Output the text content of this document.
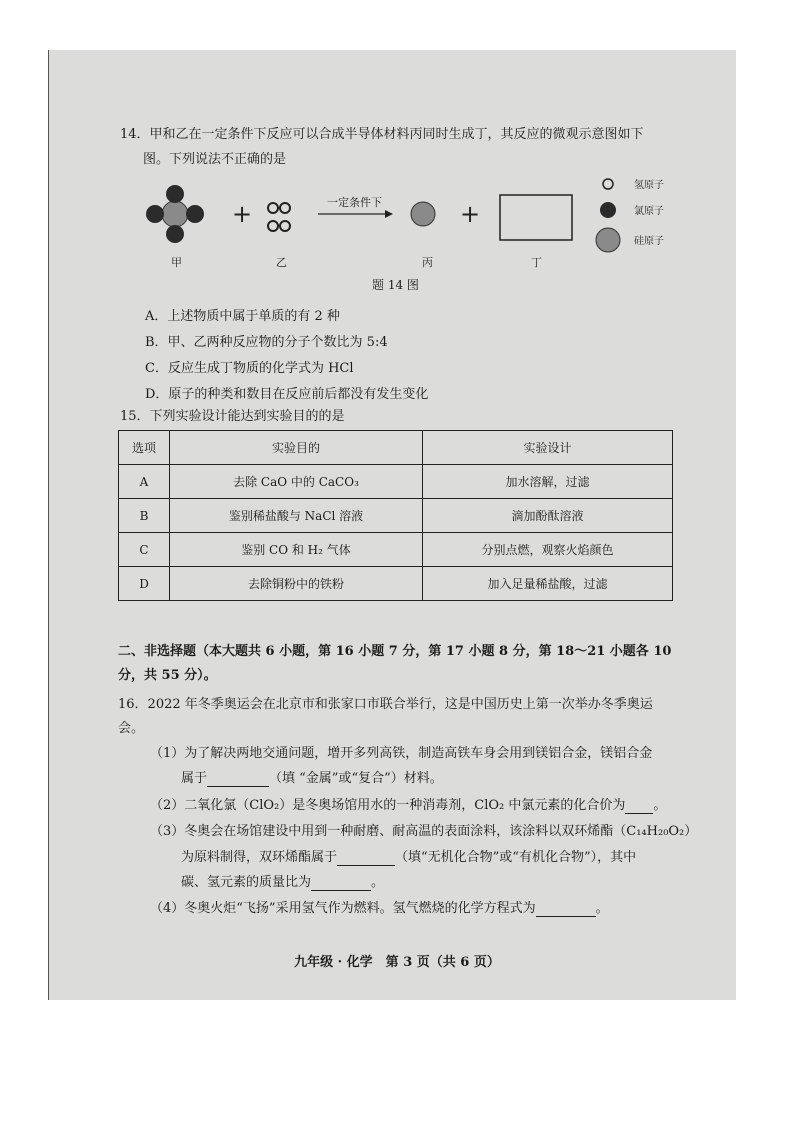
14．甲和乙在一定条件下反应可以合成半导体材料丙同时生成丁，其反应的微观示意图如下
图。下列说法不正确的是
+	一定条件下	+
氢原子
氯原子
硅原子
甲	乙	丙	丁
题 14 图
A．上述物质中属于单质的有 2 种
B．甲、乙两种反应物的分子个数比为 5:4
C．反应生成丁物质的化学式为 HCl
D．原子的种类和数目在反应前后都没有发生变化
15．下列实验设计能达到实验目的的是
选项	实验目的	实验设计
A	去除 CaO 中的 CaCO₃	加水溶解，过滤
B	鉴别稀盐酸与 NaCl 溶液	滴加酚酞溶液
C	鉴别 CO 和 H₂ 气体	分别点燃，观察火焰颜色
D	去除铜粉中的铁粉	加入足量稀盐酸，过滤
二、非选择题（本大题共 6 小题，第 16 小题 7 分，第 17 小题 8 分，第 18～21 小题各 10 分，共 55 分）。
16．2022 年冬季奥运会在北京市和张家口市联合举行，这是中国历史上第一次举办冬季奥运会。
（1）为了解决两地交通问题，增开多列高铁，制造高铁车身会用到镁铝合金，镁铝合金
属于	（填 “金属”或“复合”）材料。
（2）二氧化氯（ClO₂）是冬奥场馆用水的一种消毒剂，ClO₂ 中氯元素的化合价为 。
（3）冬奥会在场馆建设中用到一种耐磨、耐高温的表面涂料，该涂料以双环烯酯（C₁₄H₂₀O₂）
为原料制得，双环烯酯属于	（填“无机化合物”或“有机化合物”），其中
碳、氢元素的质量比为	。
（4）冬奥火炬“飞扬”采用氢气作为燃料。氢气燃烧的化学方程式为	。
九年级 · 化学　第 3 页（共 6 页）
